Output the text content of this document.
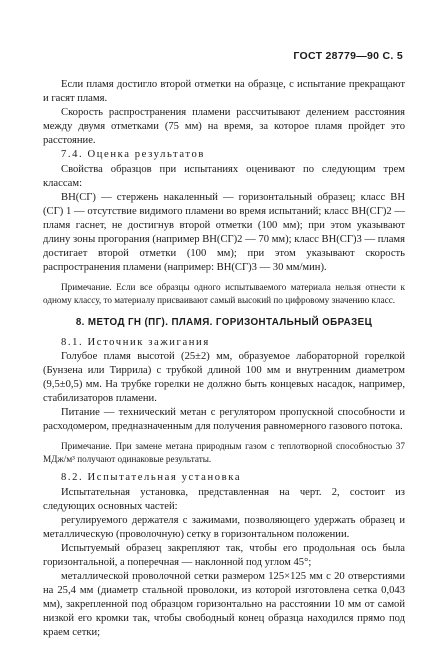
ГОСТ 28779—90 С. 5

Если пламя достигло второй отметки на образце, с испытание прекращают и гасят пламя.

Скорость распространения пламени рассчитывают делением расстояния между двумя отметками (75 мм) на время, за которое пламя пройдет это расстояние.

7.4. Оценка результатов

Свойства образцов при испытаниях оценивают по следующим трем классам:

ВН(СГ) — стержень накаленный — горизонтальный образец; класс ВН (СГ) 1 — отсутствие видимого пламени во время испытаний; класс ВН(СГ)2 — пламя гаснет, не достигнув второй отметки (100 мм); при этом указывают длину зоны прогорания (например ВН(СГ)2 — 70 мм); класс ВН(СГ)3 — пламя достигает второй отметки (100 мм); при этом указывают скорость распространения пламени (например: ВН(СГ)3 — 30 мм/мин).

Примечание. Если все образцы одного испытываемого материала нельзя отнести к одному классу, то материалу присваивают самый высокий по цифровому значению класс.

8. МЕТОД ГН (ПГ). ПЛАМЯ. ГОРИЗОНТАЛЬНЫЙ ОБРАЗЕЦ

8.1. Источник зажигания

Голубое пламя высотой (25±2) мм, образуемое лабораторной горелкой (Бунзена или Тиррила) с трубкой длиной 100 мм и внутренним диаметром (9,5±0,5) мм. На трубке горелки не должно быть концевых насадок, например, стабилизаторов пламени.

Питание — технический метан с регулятором пропускной способности и расходомером, предназначенным для получения равномерного газового потока.

Примечание. При замене метана природным газом с теплотворной способностью 37 МДж/м³ получают одинаковые результаты.

8.2. Испытательная установка

Испытательная установка, представленная на черт. 2, состоит из следующих основных частей:

регулируемого держателя с зажимами, позволяющего удержать образец и металлическую (проволочную) сетку в горизонтальном положении.

Испытуемый образец закрепляют так, чтобы его продольная ось была горизонтальной, а поперечная — наклонной под углом 45°;

металлической проволочной сетки размером 125×125 мм с 20 отверстиями на 25,4 мм (диаметр стальной проволоки, из которой изготовлена сетка 0,043 мм), закрепленной под образцом горизонтально на расстоянии 10 мм от самой низкой его кромки так, чтобы свободный конец образца находился прямо под краем сетки;
